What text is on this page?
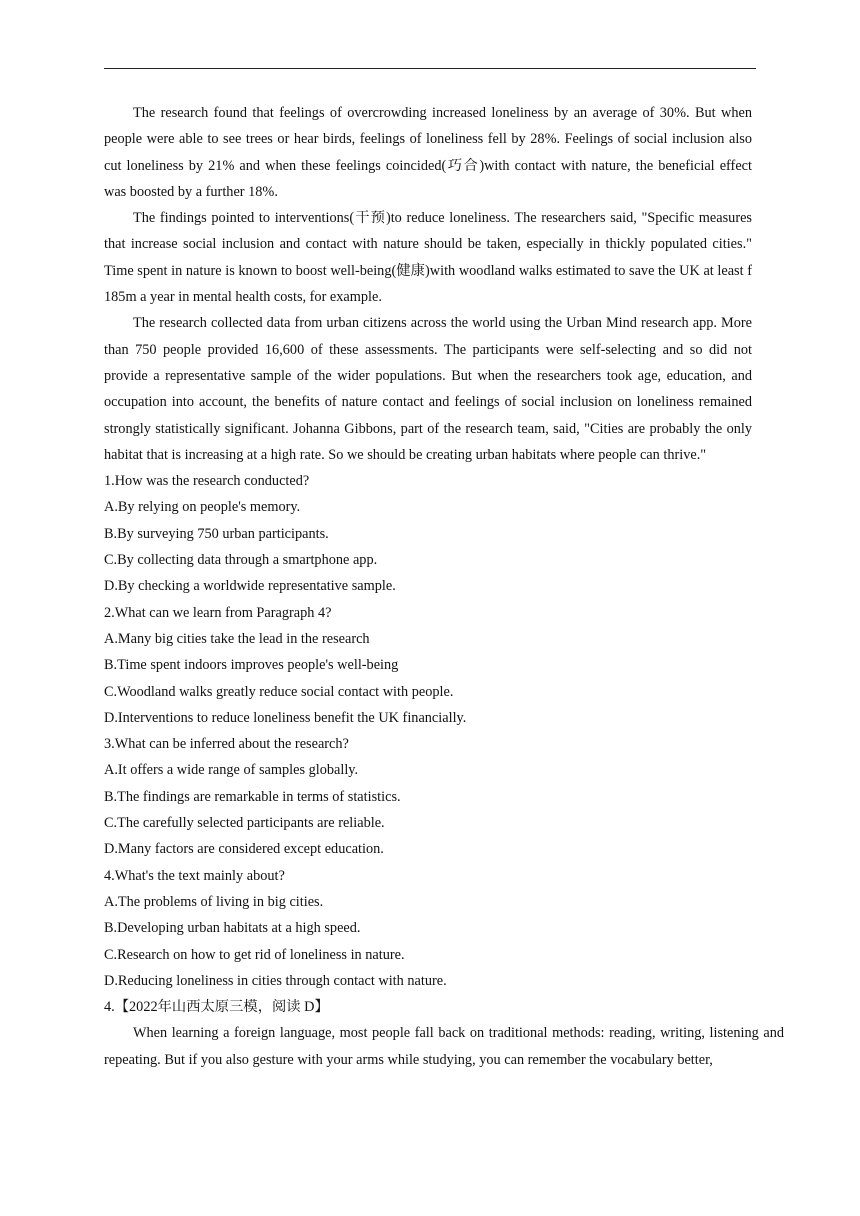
The research found that feelings of overcrowding increased loneliness by an average of 30%. But when people were able to see trees or hear birds, feelings of loneliness fell by 28%. Feelings of social inclusion also cut loneliness by 21% and when these feelings coincided(巧合)with contact with nature, the beneficial effect was boosted by a further 18%.

The findings pointed to interventions(干预)to reduce loneliness. The researchers said, "Specific measures that increase social inclusion and contact with nature should be taken, especially in thickly populated cities." Time spent in nature is known to boost well-being(健康)with woodland walks estimated to save the UK at least f 185m a year in mental health costs, for example.

The research collected data from urban citizens across the world using the Urban Mind research app. More than 750 people provided 16,600 of these assessments. The participants were self-selecting and so did not provide a representative sample of the wider populations. But when the researchers took age, education, and occupation into account, the benefits of nature contact and feelings of social inclusion on loneliness remained strongly statistically significant. Johanna Gibbons, part of the research team, said, "Cities are probably the only habitat that is increasing at a high rate. So we should be creating urban habitats where people can thrive."

1.How was the research conducted?

A.By relying on people's memory.

B.By surveying 750 urban participants.

C.By collecting data through a smartphone app.

D.By checking a worldwide representative sample.

2.What can we learn from Paragraph 4?

A.Many big cities take the lead in the research

B.Time spent indoors improves people's well-being

C.Woodland walks greatly reduce social contact with people.

D.Interventions to reduce loneliness benefit the UK financially.

3.What can be inferred about the research?

A.It offers a wide range of samples globally.

B.The findings are remarkable in terms of statistics.

C.The carefully selected participants are reliable.

D.Many factors are considered except education.

4.What's the text mainly about?

A.The problems of living in big cities.

B.Developing urban habitats at a high speed.

C.Research on how to get rid of loneliness in nature.

D.Reducing loneliness in cities through contact with nature.

4.【2022年山西太原三模，阅读 D】

When learning a foreign language, most people fall back on traditional methods: reading, writing, listening and repeating. But if you also gesture with your arms while studying, you can remember the vocabulary better,
